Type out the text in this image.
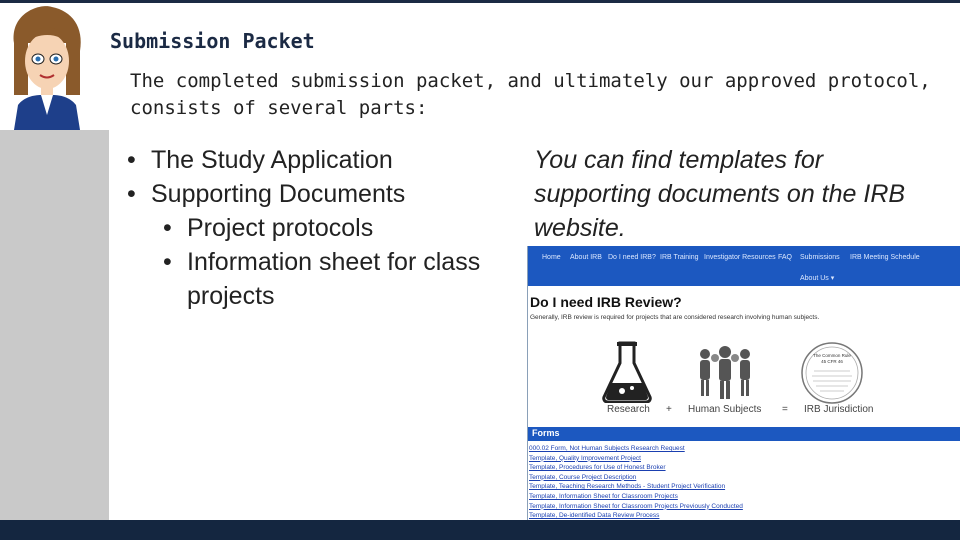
Submission Packet
The completed submission packet, and ultimately our approved protocol, consists of several parts:
• The Study Application
• Supporting Documents
• Project protocols
• Information sheet for class projects
You can find templates for supporting documents on the IRB website.
Home About IRB Do I need IRB? IRB Training Investigator Resources FAQ Submissions IRB Meeting Schedule
About Us ▾
Do I need IRB Review?
Generally, IRB review is required for projects that are considered research involving human subjects.
The Common Rule
45 CFR 46
Research + Human Subjects = IRB Jurisdiction
Forms
000.02 Form, Not Human Subjects Research Request
Template, Quality Improvement Project
Template, Procedures for Use of Honest Broker
Template, Course Project Description
Template, Teaching Research Methods - Student Project Verification
Template, Information Sheet for Classroom Projects
Template, Information Sheet for Classroom Projects Previously Conducted
Template, De-identified Data Review Process
